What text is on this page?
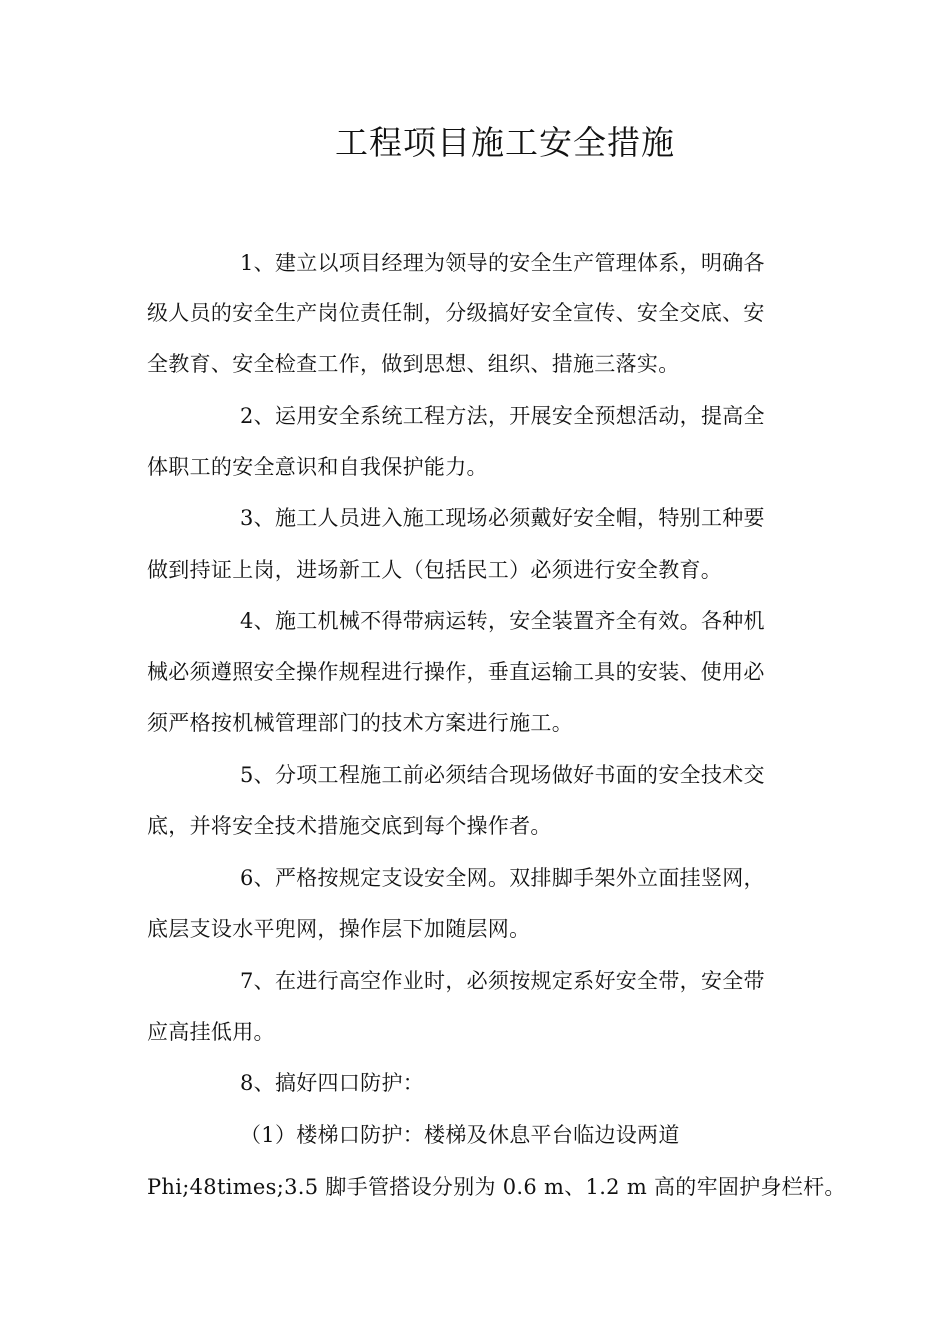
工程项目施工安全措施
1、建立以项目经理为领导的安全生产管理体系，明确各
级人员的安全生产岗位责任制，分级搞好安全宣传、安全交底、安
全教育、安全检查工作，做到思想、组织、措施三落实。
2、运用安全系统工程方法，开展安全预想活动，提高全
体职工的安全意识和自我保护能力。
3、施工人员进入施工现场必须戴好安全帽，特别工种要
做到持证上岗，进场新工人（包括民工）必须进行安全教育。
4、施工机械不得带病运转，安全装置齐全有效。各种机
械必须遵照安全操作规程进行操作，垂直运输工具的安装、使用必
须严格按机械管理部门的技术方案进行施工。
5、分项工程施工前必须结合现场做好书面的安全技术交
底，并将安全技术措施交底到每个操作者。
6、严格按规定支设安全网。双排脚手架外立面挂竖网，
底层支设水平兜网，操作层下加随层网。
7、在进行高空作业时，必须按规定系好安全带，安全带
应高挂低用。
8、搞好四口防护：
（1）楼梯口防护：楼梯及休息平台临边设两道
Phi;48times;3.5 脚手管搭设分别为 0.6 m、1.2 m 高的牢固护身栏杆。
